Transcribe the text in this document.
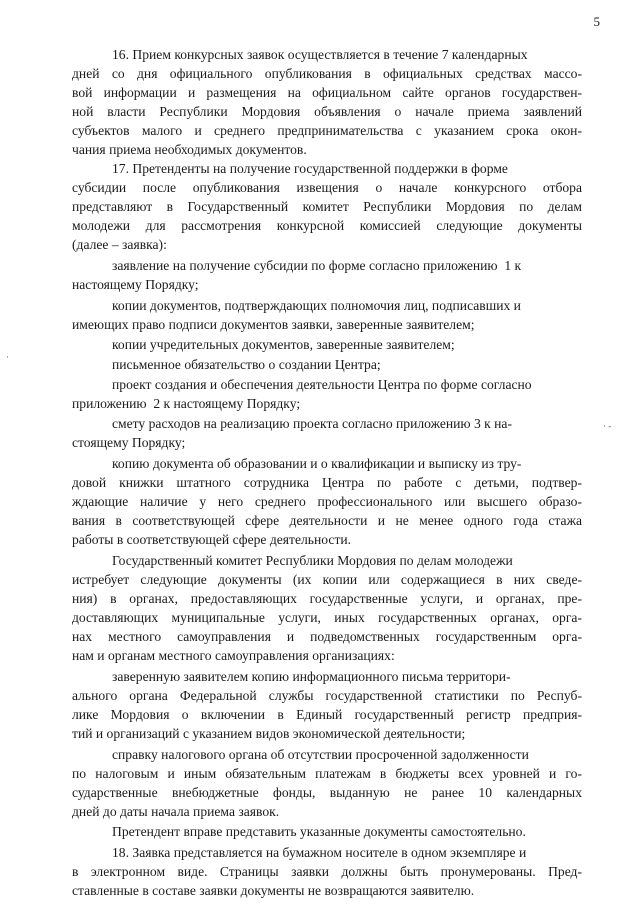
5
16. Прием конкурсных заявок осуществляется в течение 7 календарных
дней со дня официального опубликования в официальных средствах массо-
вой информации и размещения на официальном сайте органов государствен-
ной власти Республики Мордовия объявления о начале приема заявлений
субъектов малого и среднего предпринимательства с указанием срока окон-
чания приема необходимых документов.
17. Претенденты на получение государственной поддержки в форме
субсидии после опубликования извещения о начале конкурсного отбора
представляют в Государственный комитет Республики Мордовия по делам
молодежи для рассмотрения конкурсной комиссией следующие документы
(далее – заявка):
заявление на получение субсидии по форме согласно приложению  1 к
настоящему Порядку;
копии документов, подтверждающих полномочия лиц, подписавших и
имеющих право подписи документов заявки, заверенные заявителем;
копии учредительных документов, заверенные заявителем;
письменное обязательство о создании Центра;
проект создания и обеспечения деятельности Центра по форме согласно
приложению  2 к настоящему Порядку;
смету расходов на реализацию проекта согласно приложению 3 к на-
стоящему Порядку;
копию документа об образовании и о квалификации и выписку из тру-
довой книжки штатного сотрудника Центра по работе с детьми, подтвер-
ждающие наличие у него среднего профессионального или высшего образо-
вания в соответствующей сфере деятельности и не менее одного года стажа
работы в соответствующей сфере деятельности.
Государственный комитет Республики Мордовия по делам молодежи
истребует следующие документы (их копии или содержащиеся в них сведе-
ния) в органах, предоставляющих государственные услуги, и органах, пре-
доставляющих муниципальные услуги, иных государственных органах, орга-
нах местного самоуправления и подведомственных государственным орга-
нам и органам местного самоуправления организациях:
заверенную заявителем копию информационного письма территори-
ального органа Федеральной службы государственной статистики по Респуб-
лике Мордовия о включении в Единый государственный регистр предприя-
тий и организаций с указанием видов экономической деятельности;
справку налогового органа об отсутствии просроченной задолженности
по налоговым и иным обязательным платежам в бюджеты всех уровней и го-
сударственные внебюджетные фонды, выданную не ранее 10 календарных
дней до даты начала приема заявок.
Претендент вправе представить указанные документы самостоятельно.
18. Заявка представляется на бумажном носителе в одном экземпляре и
в электронном виде. Страницы заявки должны быть пронумерованы. Пред-
ставленные в составе заявки документы не возвращаются заявителю.
·
· -
